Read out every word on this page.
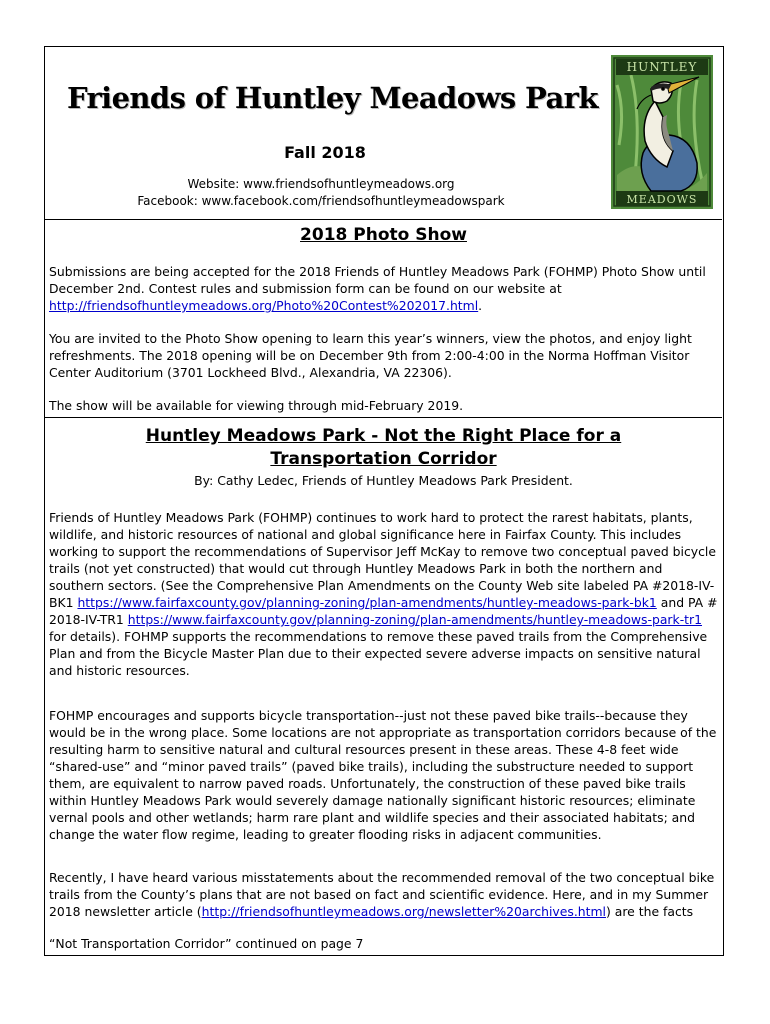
Friends of Huntley Meadows Park
Fall 2018
Website: www.friendsofhuntleymeadows.org
Facebook: www.facebook.com/friendsofhuntleymeadowspark
HUNTLEY
MEADOWS
2018 Photo Show
Submissions are being accepted for the 2018 Friends of Huntley Meadows Park (FOHMP) Photo Show until December 2nd. Contest rules and submission form can be found on our website at http://friendsofhuntleymeadows.org/Photo%20Contest%202017.html.
You are invited to the Photo Show opening to learn this year’s winners, view the photos, and enjoy light refreshments. The 2018 opening will be on December 9th from 2:00-4:00 in the Norma Hoffman Visitor Center Auditorium (3701 Lockheed Blvd., Alexandria, VA 22306).
The show will be available for viewing through mid-February 2019.
Huntley Meadows Park - Not the Right Place for a
Transportation Corridor
By: Cathy Ledec, Friends of Huntley Meadows Park President.
Friends of Huntley Meadows Park (FOHMP) continues to work hard to protect the rarest habitats, plants, wildlife, and historic resources of national and global significance here in Fairfax County. This includes working to support the recommendations of Supervisor Jeff McKay to remove two conceptual paved bicycle trails (not yet constructed) that would cut through Huntley Meadows Park in both the northern and southern sectors. (See the Comprehensive Plan Amendments on the County Web site labeled PA #2018-IV-BK1 https://www.fairfaxcounty.gov/planning-zoning/plan-amendments/huntley-meadows-park-bk1 and PA # 2018-IV-TR1 https://www.fairfaxcounty.gov/planning-zoning/plan-amendments/huntley-meadows-park-tr1 for details). FOHMP supports the recommendations to remove these paved trails from the Comprehensive Plan and from the Bicycle Master Plan due to their expected severe adverse impacts on sensitive natural and historic resources.
FOHMP encourages and supports bicycle transportation--just not these paved bike trails--because they would be in the wrong place. Some locations are not appropriate as transportation corridors because of the resulting harm to sensitive natural and cultural resources present in these areas. These 4-8 feet wide “shared-use” and “minor paved trails” (paved bike trails), including the substructure needed to support them, are equivalent to narrow paved roads. Unfortunately, the construction of these paved bike trails within Huntley Meadows Park would severely damage nationally significant historic resources; eliminate vernal pools and other wetlands; harm rare plant and wildlife species and their associated habitats; and change the water flow regime, leading to greater flooding risks in adjacent communities.
Recently, I have heard various misstatements about the recommended removal of the two conceptual bike trails from the County’s plans that are not based on fact and scientific evidence. Here, and in my Summer 2018 newsletter article (http://friendsofhuntleymeadows.org/newsletter%20archives.html) are the facts
“Not Transportation Corridor” continued on page 7
